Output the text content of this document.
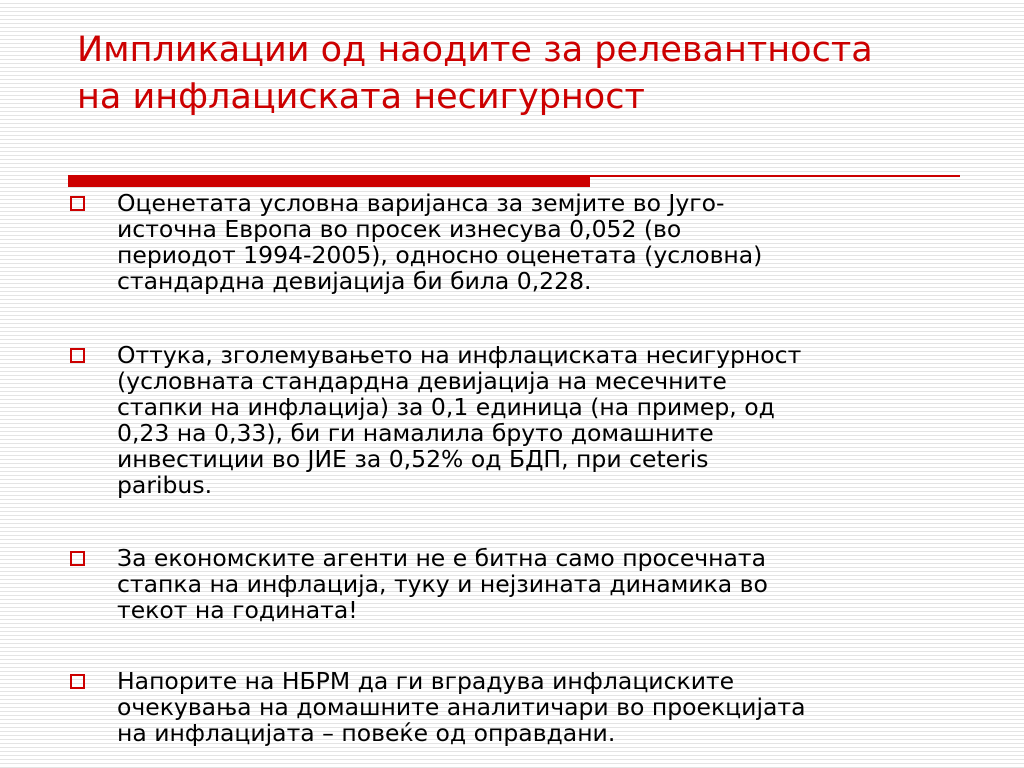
Импликации од наодите за релевантноста
на инфлациската несигурност
Оценетата условна варијанса за земјите во Југо-
источна Европа во просек изнесува 0,052 (во
периодот 1994-2005), односно оценетата (условна)
стандардна девијација би била 0,228.
Оттука, зголемувањето на инфлациската несигурност
(условната стандардна девијација на месечните
стапки на инфлација) за 0,1 единица (на пример, од
0,23 на 0,33), би ги намалила бруто домашните
инвестиции во ЈИЕ за 0,52% од БДП, при ceteris
paribus.
За економските агенти не е битна само просечната
стапка на инфлација, туку и нејзината динамика во
текот на годината!
Напорите на НБРМ да ги вградува инфлациските
очекувања на домашните аналитичари во проекцијата
на инфлацијата – повеќе од оправдани.
